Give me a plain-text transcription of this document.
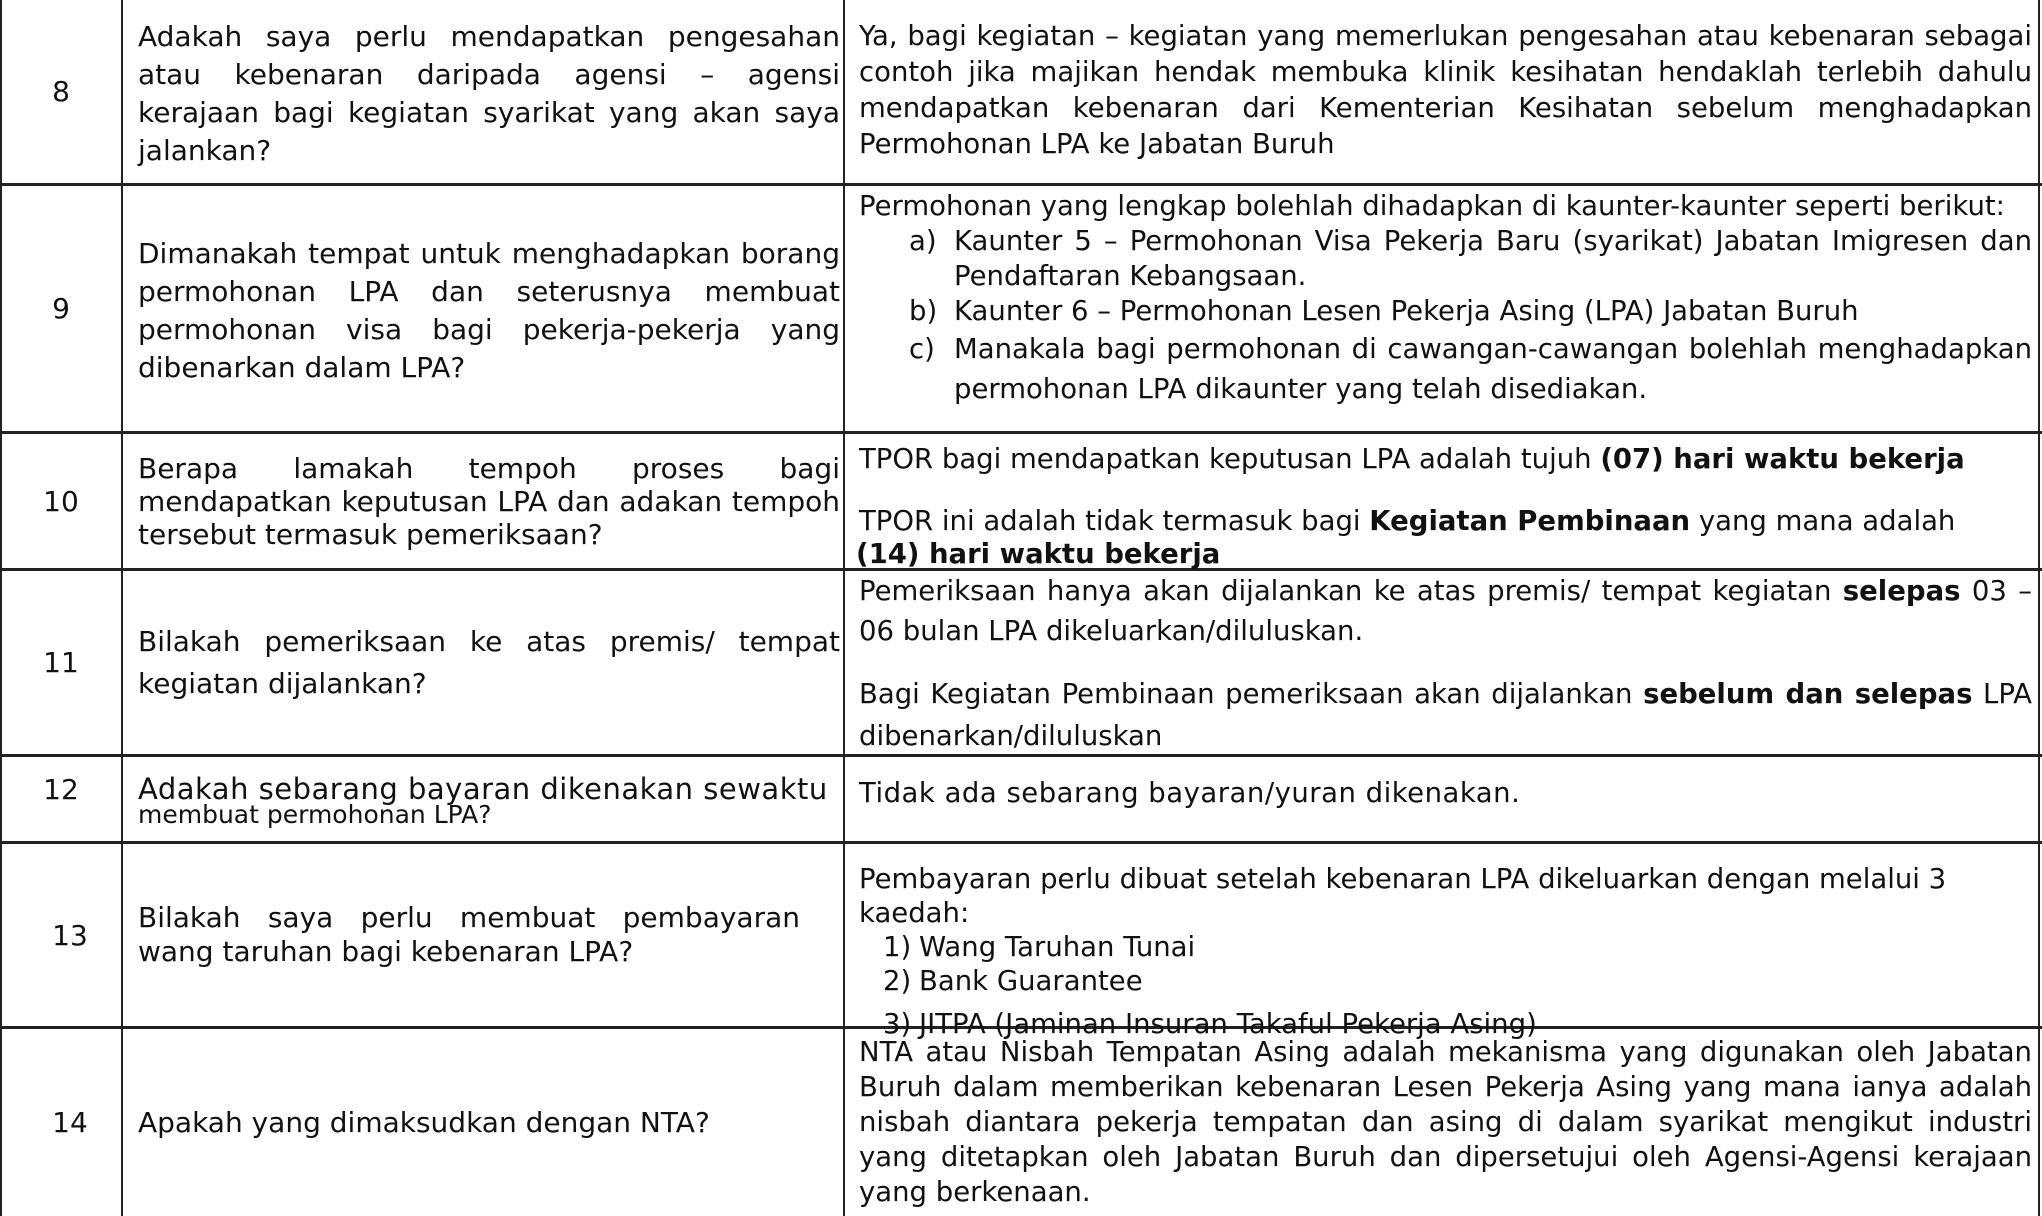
8
Adakah saya perlu mendapatkan pengesahan atau kebenaran daripada agensi – agensi kerajaan bagi kegiatan syarikat yang akan saya jalankan?
Ya, bagi kegiatan – kegiatan yang memerlukan pengesahan atau kebenaran sebagai contoh jika majikan hendak membuka klinik kesihatan hendaklah terlebih dahulu mendapatkan kebenaran dari Kementerian Kesihatan sebelum menghadapkan Permohonan LPA ke Jabatan Buruh
9
Dimanakah tempat untuk menghadapkan borang permohonan LPA dan seterusnya membuat permohonan visa bagi pekerja-pekerja yang dibenarkan dalam LPA?
Permohonan yang lengkap bolehlah dihadapkan di kaunter-kaunter seperti berikut:
a) Kaunter 5 – Permohonan Visa Pekerja Baru (syarikat) Jabatan Imigresen dan Pendaftaran Kebangsaan.
b) Kaunter 6 – Permohonan Lesen Pekerja Asing (LPA) Jabatan Buruh
c) Manakala bagi permohonan di cawangan-cawangan bolehlah menghadapkan permohonan LPA dikaunter yang telah disediakan.
10
Berapa lamakah tempoh proses bagi mendapatkan keputusan LPA dan adakan tempoh tersebut termasuk pemeriksaan?
TPOR bagi mendapatkan keputusan LPA adalah tujuh (07) hari waktu bekerja
TPOR ini adalah tidak termasuk bagi Kegiatan Pembinaan yang mana adalah
(14) hari waktu bekerja
11
Bilakah pemeriksaan ke atas premis/ tempat kegiatan dijalankan?
Pemeriksaan hanya akan dijalankan ke atas premis/ tempat kegiatan selepas 03 – 06 bulan LPA dikeluarkan/diluluskan.
Bagi Kegiatan Pembinaan pemeriksaan akan dijalankan sebelum dan selepas LPA dibenarkan/diluluskan
12 Adakah sebarang bayaran dikenakan sewaktu
membuat permohonan LPA?
Tidak ada sebarang bayaran/yuran dikenakan.
13
Bilakah saya perlu membuat pembayaran wang taruhan bagi kebenaran LPA?
Pembayaran perlu dibuat setelah kebenaran LPA dikeluarkan dengan melalui 3 kaedah:
1) Wang Taruhan Tunai
2) Bank Guarantee
3) JITPA (Jaminan Insuran Takaful Pekerja Asing)
14	Apakah yang dimaksudkan dengan NTA?
NTA atau Nisbah Tempatan Asing adalah mekanisma yang digunakan oleh Jabatan Buruh dalam memberikan kebenaran Lesen Pekerja Asing yang mana ianya adalah nisbah diantara pekerja tempatan dan asing di dalam syarikat mengikut industri yang ditetapkan oleh Jabatan Buruh dan dipersetujui oleh Agensi-Agensi kerajaan yang berkenaan.
